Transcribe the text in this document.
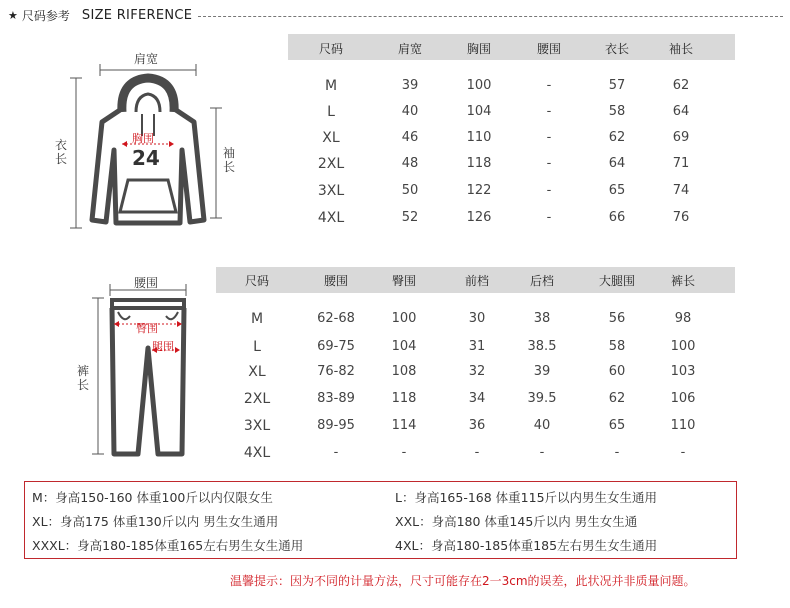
★ 尺码参考 SIZE RIFERENCE
肩宽
衣长	袖长
胸围
24
尺码	肩宽	胸围	腰围	衣长	袖长
M	39	100	-	57	62
L	40	104	-	58	64
XL	46	110	-	62	69
2XL	48	118	-	64	71
3XL	50	122	-	65	74
4XL	52	126	-	66	76
腰围
裤长
臀围
腿围
尺码	腰围	臀围	前档	后档	大腿围	裤长
M	62-68	100	30	38	56	98
L	69-75	104	31	38.5	58	100
XL	76-82	108	32	39	60	103
2XL	83-89	118	34	39.5	62	106
3XL	89-95	114	36	40	65	110
4XL	-	-	-	-	-	-
M：身高150-160 体重100斤以内仅限女生	L：身高165-168 体重115斤以内男生女生通用
XL：身高175 体重130斤以内 男生女生通用	XXL：身高180 体重145斤以内 男生女生通
XXXL：身高180-185体重165左右男生女生通用	4XL：身高180-185体重185左右男生女生通用
温馨提示：因为不同的计量方法，尺寸可能存在2一3cm的误差，此状况并非质量问题。
